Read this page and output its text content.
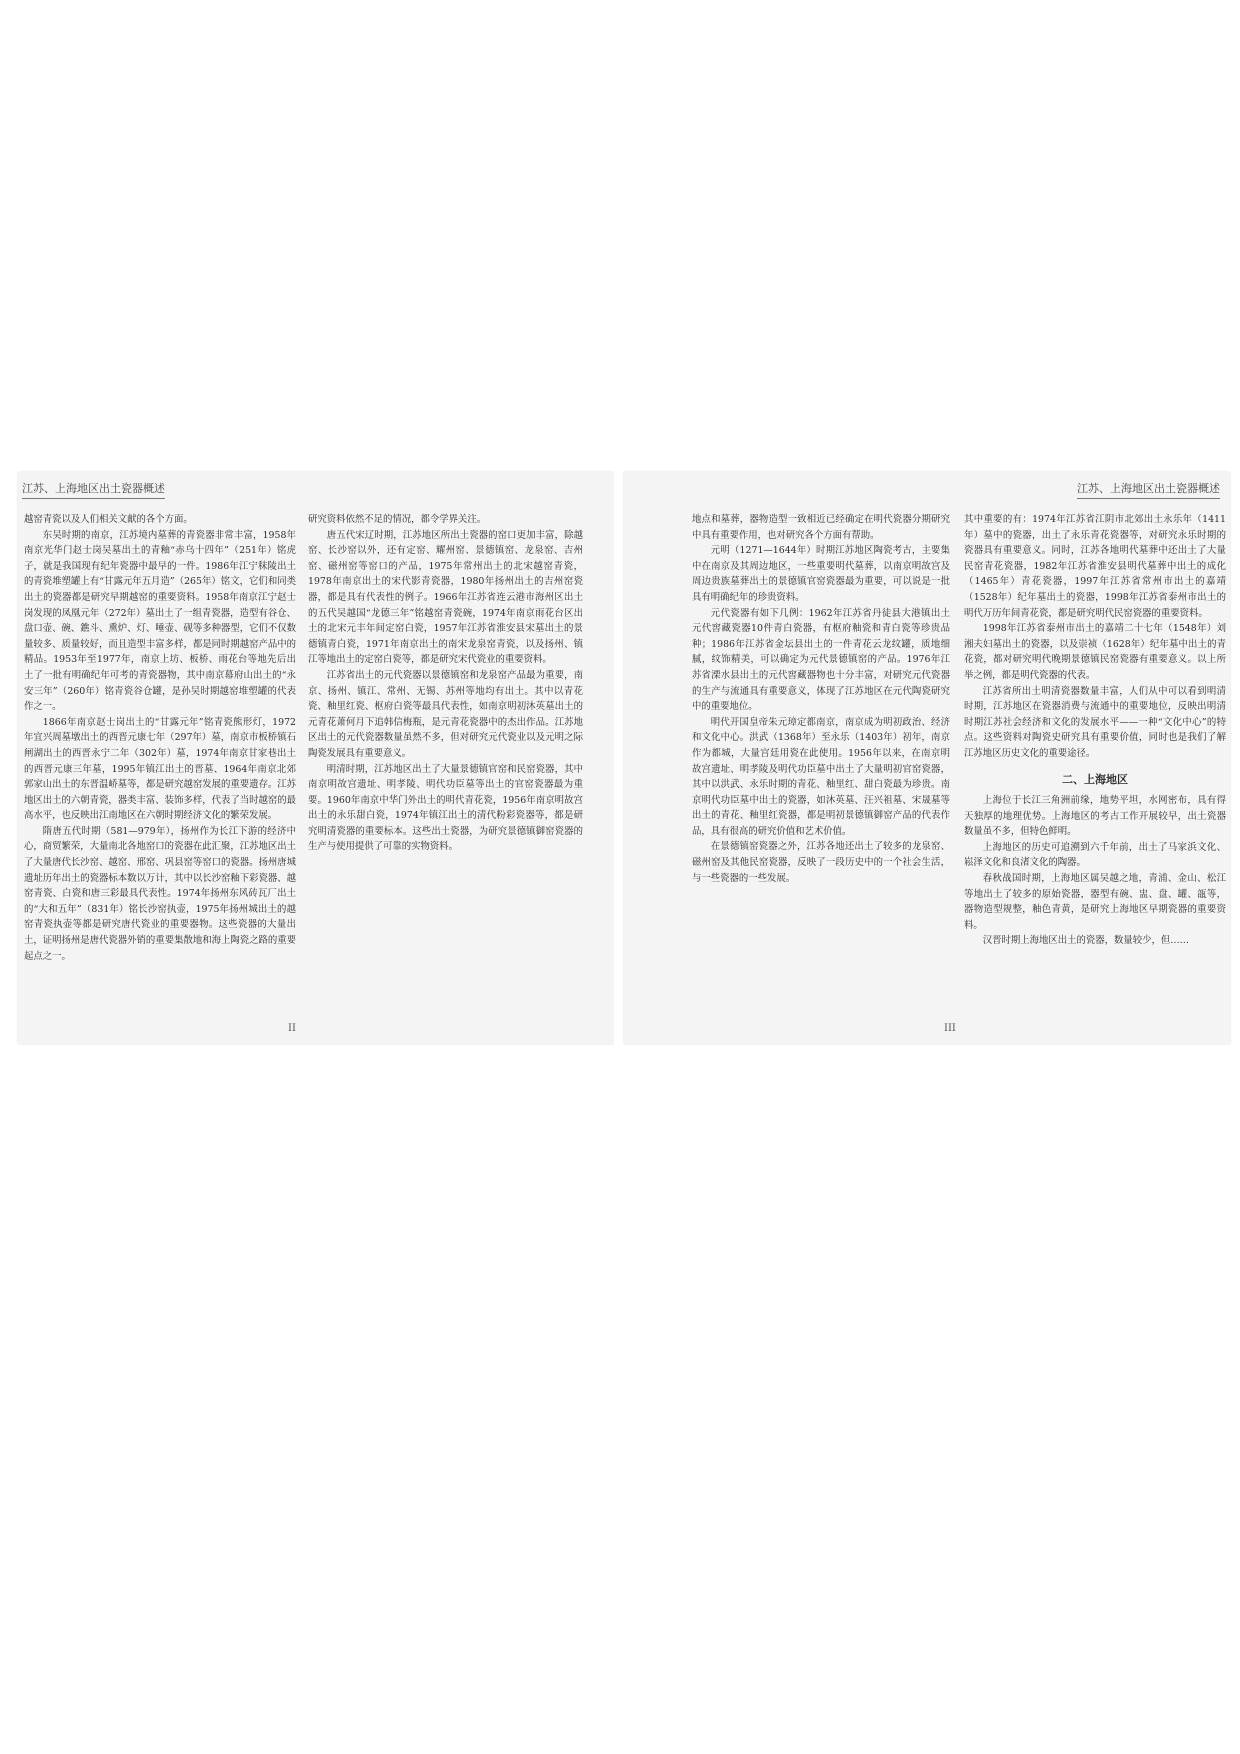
江苏、上海地区出土瓷器概述

越窑青瓷以及人们相关文献的各个方面。

东吴时期的南京，江苏境内墓葬的青瓷器非常丰富，1958年南京光华门赵士岗吴墓出土的青釉“赤乌十四年”（251年）铭虎子，就是我国现有纪年瓷器中最早的一件。1986年江宁秣陵出土的青瓷堆塑罐上有“甘露元年五月造”（265年）铭文，它们和同类出土的瓷器都是研究早期越窑的重要资料。1958年南京江宁赵士岗发现的凤凰元年（272年）墓出土了一组青瓷器，造型有谷仓、盘口壶、碗、鐎斗、熏炉、灯、唾壶、砚等多种器型，它们不仅数量较多、质量较好，而且造型丰富多样，都是同时期越窑产品中的精品。1953年至1977年，南京上坊、板桥、雨花台等地先后出土了一批有明确纪年可考的青瓷器物，其中南京幕府山出土的“永安三年”（260年）铭青瓷谷仓罐，是孙吴时期越窑堆塑罐的代表作之一。

1866年南京赵士岗出土的“甘露元年”铭青瓷熊形灯，1972年宜兴周墓墩出土的西晋元康七年（297年）墓，南京市板桥镇石闸湖出土的西晋永宁二年（302年）墓，1974年南京甘家巷出土的西晋元康三年墓，1995年镇江出土的晋墓、1964年南京北郊郭家山出土的东晋温峤墓等，都是研究越窑发展的重要遗存。江苏地区出土的六朝青瓷，器类丰富、装饰多样，代表了当时越窑的最高水平，也反映出江南地区在六朝时期经济文化的繁荣发展。

隋唐五代时期（581—979年），扬州作为长江下游的经济中心，商贸繁荣，大量南北各地窑口的瓷器在此汇聚，江苏地区出土了大量唐代长沙窑、越窑、邢窑、巩县窑等窑口的瓷器。扬州唐城遗址历年出土的瓷器标本数以万计，其中以长沙窑釉下彩瓷器、越窑青瓷、白瓷和唐三彩最具代表性。1974年扬州东风砖瓦厂出土的“大和五年”（831年）铭长沙窑执壶，1975年扬州城出土的越窑青瓷执壶等都是研究唐代瓷业的重要器物。这些瓷器的大量出土，证明扬州是唐代瓷器外销的重要集散地和海上陶瓷之路的重要起点之一。

研究资料依然不足的情况，都令学界关注。

唐五代宋辽时期，江苏地区所出土瓷器的窑口更加丰富，除越窑、长沙窑以外，还有定窑、耀州窑、景德镇窑、龙泉窑、吉州窑、磁州窑等窑口的产品，1975年常州出土的北宋越窑青瓷，1978年南京出土的宋代影青瓷器，1980年扬州出土的吉州窑瓷器，都是具有代表性的例子。1966年江苏省连云港市海州区出土的五代吴越国“龙德三年”铭越窑青瓷碗，1974年南京雨花台区出土的北宋元丰年间定窑白瓷，1957年江苏省淮安县宋墓出土的景德镇青白瓷，1971年南京出土的南宋龙泉窑青瓷，以及扬州、镇江等地出土的定窑白瓷等，都是研究宋代瓷业的重要资料。

江苏省出土的元代瓷器以景德镇窑和龙泉窑产品最为重要，南京、扬州、镇江、常州、无锡、苏州等地均有出土。其中以青花瓷、釉里红瓷、枢府白瓷等最具代表性，如南京明初沐英墓出土的元青花萧何月下追韩信梅瓶，是元青花瓷器中的杰出作品。江苏地区出土的元代瓷器数量虽然不多，但对研究元代瓷业以及元明之际陶瓷发展具有重要意义。

明清时期，江苏地区出土了大量景德镇官窑和民窑瓷器，其中南京明故宫遗址、明孝陵、明代功臣墓等出土的官窑瓷器最为重要。1960年南京中华门外出土的明代青花瓷，1956年南京明故宫出土的永乐甜白瓷，1974年镇江出土的清代粉彩瓷器等，都是研究明清瓷器的重要标本。这些出土瓷器，为研究景德镇御窑瓷器的生产与使用提供了可靠的实物资料。

II
江苏、上海地区出土瓷器概述

地点和墓葬，器物造型一致相近已经确定在明代瓷器分期研究中具有重要作用，也对研究各个方面有帮助。

元明（1271—1644年）时期江苏地区陶瓷考古，主要集中在南京及其周边地区，一些重要明代墓葬，以南京明故宫及周边贵族墓葬出土的景德镇官窑瓷器最为重要，可以说是一批具有明确纪年的珍贵资料。

元代瓷器有如下几例：1962年江苏省丹徒县大港镇出土元代窖藏瓷器10件青白瓷器，有枢府釉瓷和青白瓷等珍贵品种；1986年江苏省金坛县出土的一件青花云龙纹罐，质地细腻，纹饰精美，可以确定为元代景德镇窑的产品。1976年江苏省溧水县出土的元代窖藏器物也十分丰富，对研究元代瓷器的生产与流通具有重要意义，体现了江苏地区在元代陶瓷研究中的重要地位。

明代开国皇帝朱元璋定都南京，南京成为明初政治、经济和文化中心。洪武（1368年）至永乐（1403年）初年，南京作为都城，大量宫廷用瓷在此使用。1956年以来，在南京明故宫遗址、明孝陵及明代功臣墓中出土了大量明初官窑瓷器，其中以洪武、永乐时期的青花、釉里红、甜白瓷最为珍贵。南京明代功臣墓中出土的瓷器，如沐英墓、汪兴祖墓、宋晟墓等出土的青花、釉里红瓷器，都是明初景德镇御窑产品的代表作品，具有很高的研究价值和艺术价值。

在景德镇窑瓷器之外，江苏各地还出土了较多的龙泉窑、磁州窑及其他民窑瓷器，反映了一段历史中的一个社会生活，与一些瓷器的一些发展。

其中重要的有：1974年江苏省江阴市北郊出土永乐年（1411年）墓中的瓷器，出土了永乐青花瓷器等，对研究永乐时期的瓷器具有重要意义。同时，江苏各地明代墓葬中还出土了大量民窑青花瓷器，1982年江苏省淮安县明代墓葬中出土的成化（1465年）青花瓷器，1997年江苏省常州市出土的嘉靖（1528年）纪年墓出土的瓷器，1998年江苏省泰州市出土的明代万历年间青花瓷，都是研究明代民窑瓷器的重要资料。

1998年江苏省泰州市出土的嘉靖二十七年（1548年）刘湘夫妇墓出土的瓷器，以及崇祯（1628年）纪年墓中出土的青花瓷，都对研究明代晚期景德镇民窑瓷器有重要意义。以上所举之例，都是明代瓷器的代表。

江苏省所出土明清瓷器数量丰富，人们从中可以看到明清时期，江苏地区在瓷器消费与流通中的重要地位，反映出明清时期江苏社会经济和文化的发展水平——一种“文化中心”的特点。这些资料对陶瓷史研究具有重要价值，同时也是我们了解江苏地区历史文化的重要途径。

二、上海地区

上海位于长江三角洲前缘，地势平坦，水网密布，具有得天独厚的地理优势。上海地区的考古工作开展较早，出土瓷器数量虽不多，但特色鲜明。

上海地区的历史可追溯到六千年前，出土了马家浜文化、崧泽文化和良渚文化的陶器。

春秋战国时期，上海地区属吴越之地，青浦、金山、松江等地出土了较多的原始瓷器，器型有碗、盅、盘、罐、瓿等，器物造型规整，釉色青黄，是研究上海地区早期瓷器的重要资料。

汉晋时期上海地区出土的瓷器，数量较少，但……

III
